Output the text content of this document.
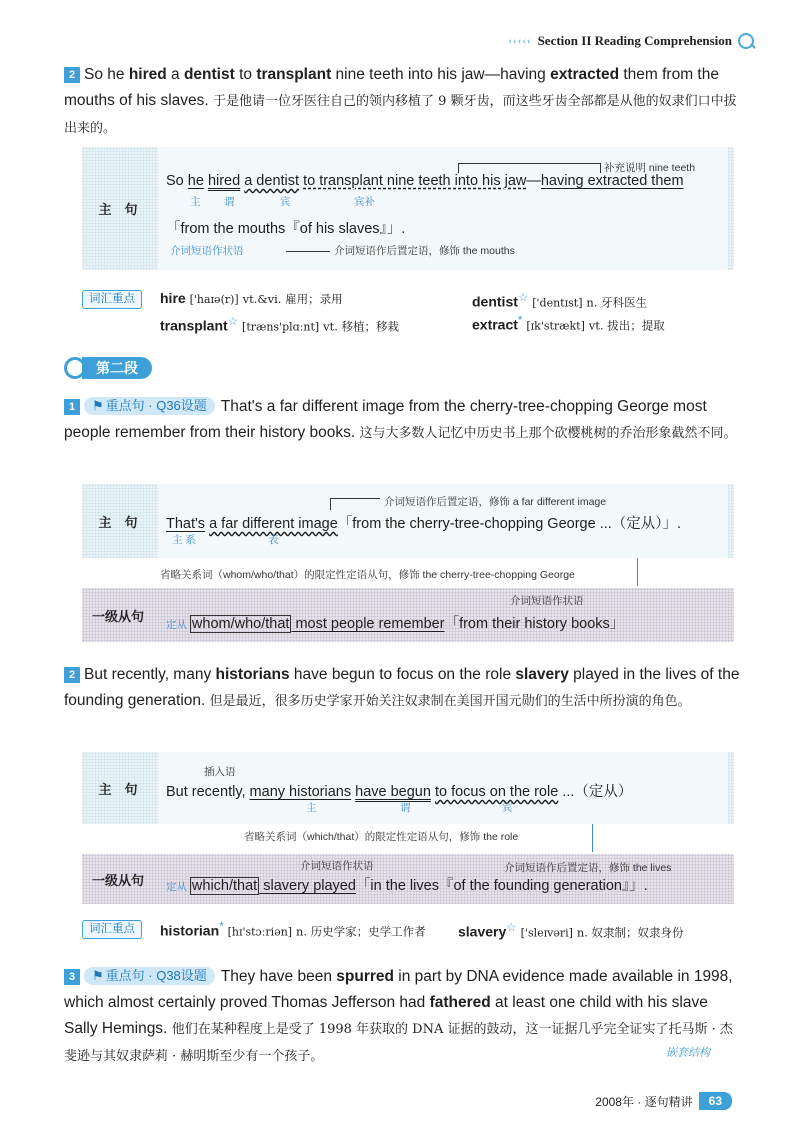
‹‹‹‹‹ Section II Reading Comprehension
2 So he hired a dentist to transplant nine teeth into his jaw—having extracted them from the mouths of his slaves. 于是他请一位牙医往自己的领内移植了 9 颗牙齿，而这些牙齿全部都是从他的奴隶们口中拔出来的。
主　句
补充说明 nine teeth
So he hired a dentist to transplant nine teeth into his jaw—having extracted them
主 谓	宾	宾补
「from the mouths『of his slaves』」.
介词短语作状语	介词短语作后置定语，修饰 the mouths
词汇重点	hire ['haɪə(r)] vt.&vi. 雇用；录用	dentist☆ ['dentɪst] n. 牙科医生
transplant☆ [træns'plɑːnt] vt. 移植；移栽	extract* [ɪk'strækt] vt. 拔出；提取
第二段
1 ⚑ 重点句 · Q36设题 That's a far different image from the cherry-tree-chopping George most people remember from their history books. 这与大多数人记忆中历史书上那个砍樱桃树的乔治形象截然不同。
主　句
介词短语作后置定语，修饰 a far different image
That's a far different image「from the cherry-tree-chopping George ...（定从）」.
主 系	表
省略关系词（whom/who/that）的限定性定语从句，修饰 the cherry-tree-chopping George
一级从句
介词短语作状语
定从 whom/who/that most people remember「from their history books」
2 But recently, many historians have begun to focus on the role slavery played in the lives of the founding generation. 但是最近，很多历史学家开始关注奴隶制在美国开国元勋们的生活中所扮演的角色。
主　句
插入语
But recently, many historians have begun to focus on the role ...（定从）
主	谓	宾
省略关系词（which/that）的限定性定语从句，修饰 the role
一级从句
介词短语作状语	介词短语作后置定语，修饰 the lives
定从 which/that slavery played「in the lives『of the founding generation』」.
词汇重点	historian* [hɪ'stɔːriən] n. 历史学家；史学工作者 slavery☆ ['sleɪvəri] n. 奴隶制；奴隶身份
3 ⚑ 重点句 · Q38设题 They have been spurred in part by DNA evidence made available in 1998, which almost certainly proved Thomas Jefferson had fathered at least one child with his slave Sally Hemings. 他们在某种程度上是受了 1998 年获取的 DNA 证据的鼓动，这一证据几乎完全证实了托马斯 · 杰斐逊与其奴隶萨莉 · 赫明斯至少有一个孩子。	嵌套结构
2008年 · 逐句精讲	63
